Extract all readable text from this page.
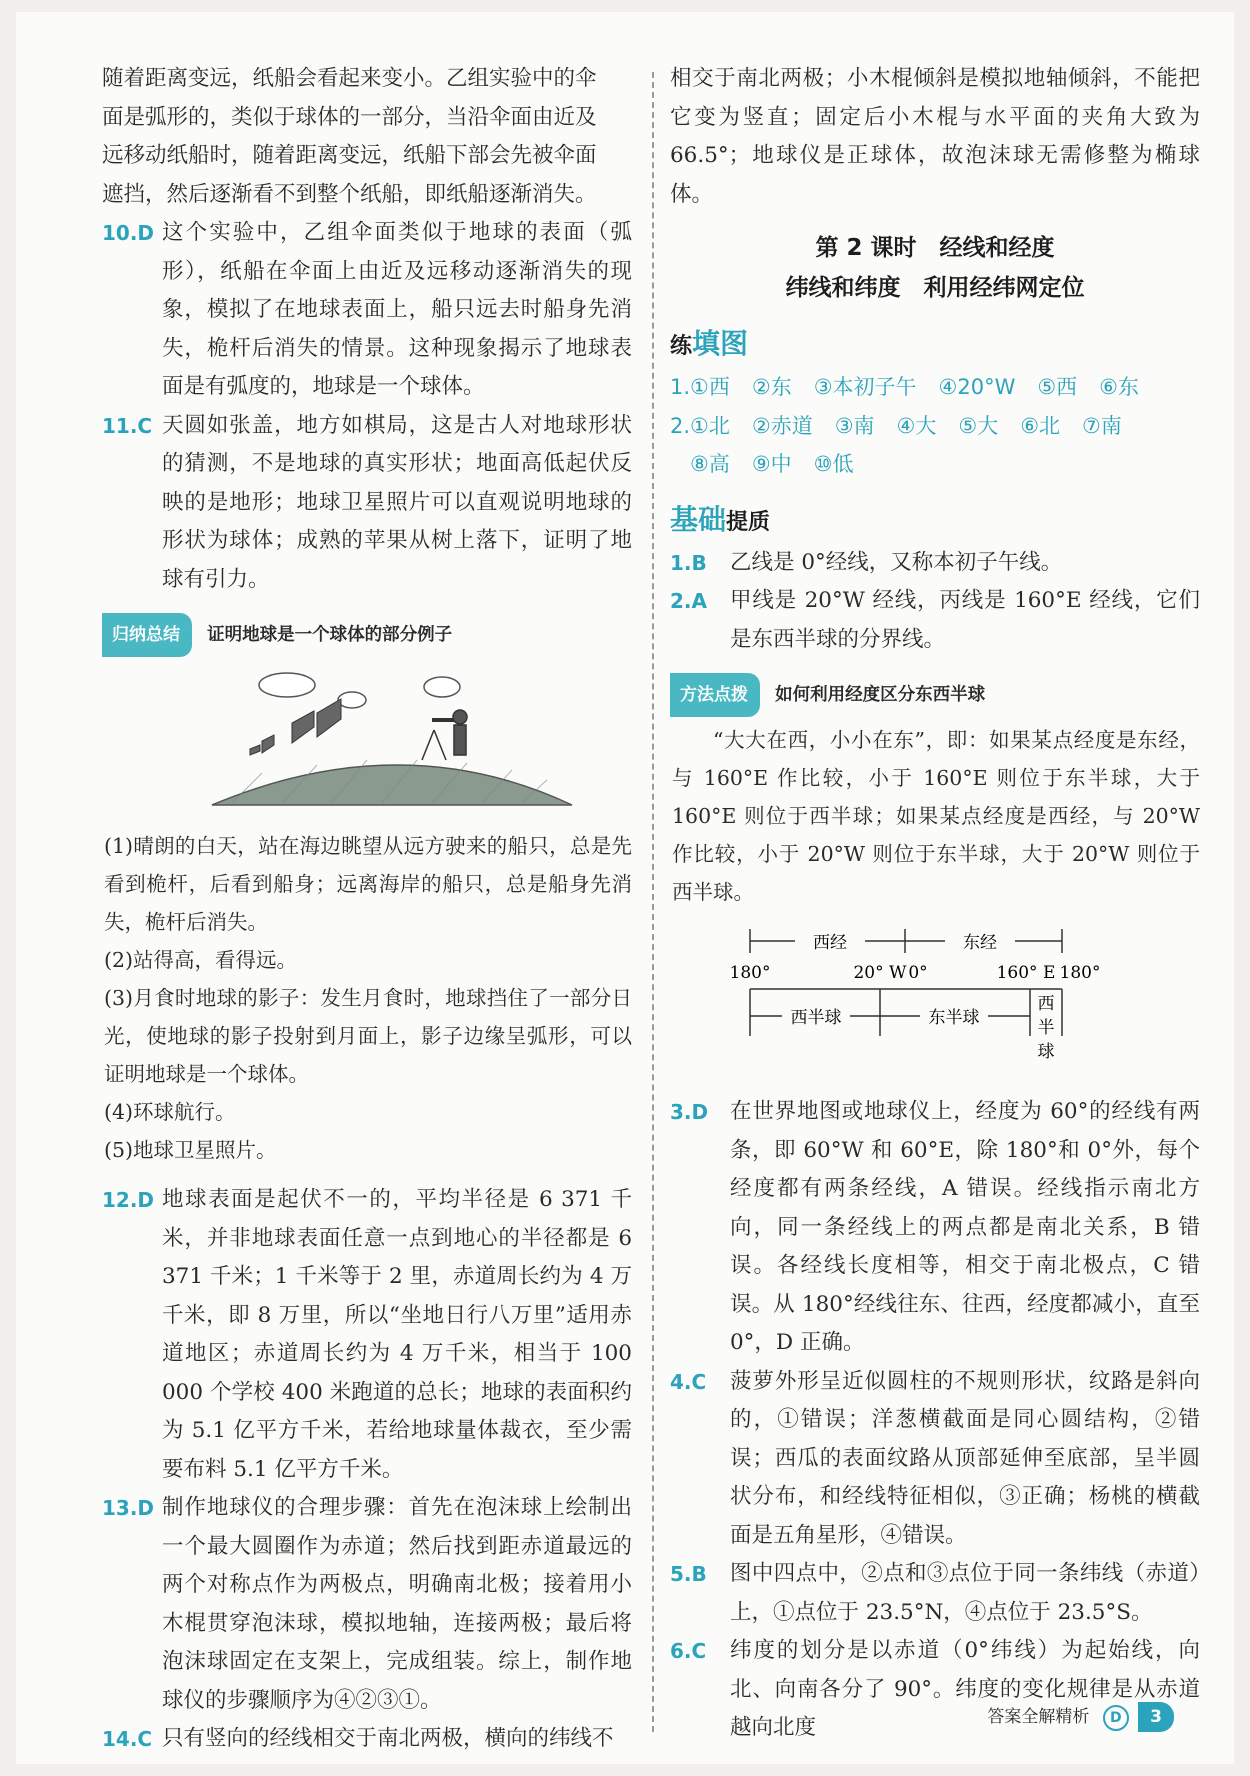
随着距离变远，纸船会看起来变小。乙组实验中的伞

面是弧形的，类似于球体的一部分，当沿伞面由近及

远移动纸船时，随着距离变远，纸船下部会先被伞面

遮挡，然后逐渐看不到整个纸船，即纸船逐渐消失。

10.D 这个实验中，乙组伞面类似于地球的表面（弧形），纸船在伞面上由近及远移动逐渐消失的现象，模拟了在地球表面上，船只远去时船身先消失，桅杆后消失的情景。这种现象揭示了地球表面是有弧度的，地球是一个球体。

11.C 天圆如张盖，地方如棋局，这是古人对地球形状的猜测，不是地球的真实形状；地面高低起伏反映的是地形；地球卫星照片可以直观说明地球的形状为球体；成熟的苹果从树上落下，证明了地球有引力。

归纳总结 证明地球是一个球体的部分例子

(1)晴朗的白天，站在海边眺望从远方驶来的船只，总是先看到桅杆，后看到船身；远离海岸的船只，总是船身先消失，桅杆后消失。

(2)站得高，看得远。

(3)月食时地球的影子：发生月食时，地球挡住了一部分日光，使地球的影子投射到月面上，影子边缘呈弧形，可以证明地球是一个球体。

(4)环球航行。

(5)地球卫星照片。

12.D 地球表面是起伏不一的，平均半径是 6 371 千米，并非地球表面任意一点到地心的半径都是 6 371 千米；1 千米等于 2 里，赤道周长约为 4 万千米，即 8 万里，所以“坐地日行八万里”适用赤道地区；赤道周长约为 4 万千米，相当于 100 000 个学校 400 米跑道的总长；地球的表面积约为 5.1 亿平方千米，若给地球量体裁衣，至少需要布料 5.1 亿平方千米。

13.D 制作地球仪的合理步骤：首先在泡沫球上绘制出一个最大圆圈作为赤道；然后找到距赤道最远的两个对称点作为两极点，明确南北极；接着用小木棍贯穿泡沫球，模拟地轴，连接两极；最后将泡沫球固定在支架上，完成组装。综上，制作地球仪的步骤顺序为④②③①。

14.C 只有竖向的经线相交于南北两极，横向的纬线不

相交于南北两极；小木棍倾斜是模拟地轴倾斜，不能把它变为竖直；固定后小木棍与水平面的夹角大致为 66.5°；地球仪是正球体，故泡沫球无需修整为椭球体。

第 2 课时　经线和经度
纬线和纬度　利用经纬网定位
练填图
1.①西 ②东 ③本初子午 ④20°W ⑤西 ⑥东
2.①北 ②赤道 ③南 ④大 ⑤大 ⑥北 ⑦南
⑧高 ⑨中 ⑩低
基础提质
1.B	乙线是 0°经线，又称本初子午线。

2.A	甲线是 20°W 经线，丙线是 160°E 经线，它们是东西半球的分界线。

方法点拨 如何利用经度区分东西半球

“大大在西，小小在东”，即：如果某点经度是东经，与 160°E 作比较，小于 160°E 则位于东半球，大于 160°E 则位于西半球；如果某点经度是西经，与 20°W 作比较，小于 20°W 则位于东半球，大于 20°W 则位于西半球。

西经	东经
180°	20° W 0°	160° E 180°
西半球	东半球
西
半
球
3.D	在世界地图或地球仪上，经度为 60°的经线有两条，即 60°W 和 60°E，除 180°和 0°外，每个经度都有两条经线，A 错误。经线指示南北方向，同一条经线上的两点都是南北关系，B 错误。各经线长度相等，相交于南北极点，C 错误。从 180°经线往东、往西，经度都减小，直至 0°，D 正确。

4.C	菠萝外形呈近似圆柱的不规则形状，纹路是斜向的，①错误；洋葱横截面是同心圆结构，②错误；西瓜的表面纹路从顶部延伸至底部，呈半圆状分布，和经线特征相似，③正确；杨桃的横截面是五角星形，④错误。

5.B	图中四点中，②点和③点位于同一条纬线（赤道）上，①点位于 23.5°N，④点位于 23.5°S。

6.C	纬度的划分是以赤道（0°纬线）为起始线，向北、向南各分了 90°。纬度的变化规律是从赤道越向北度	答案全解精析 D 3
